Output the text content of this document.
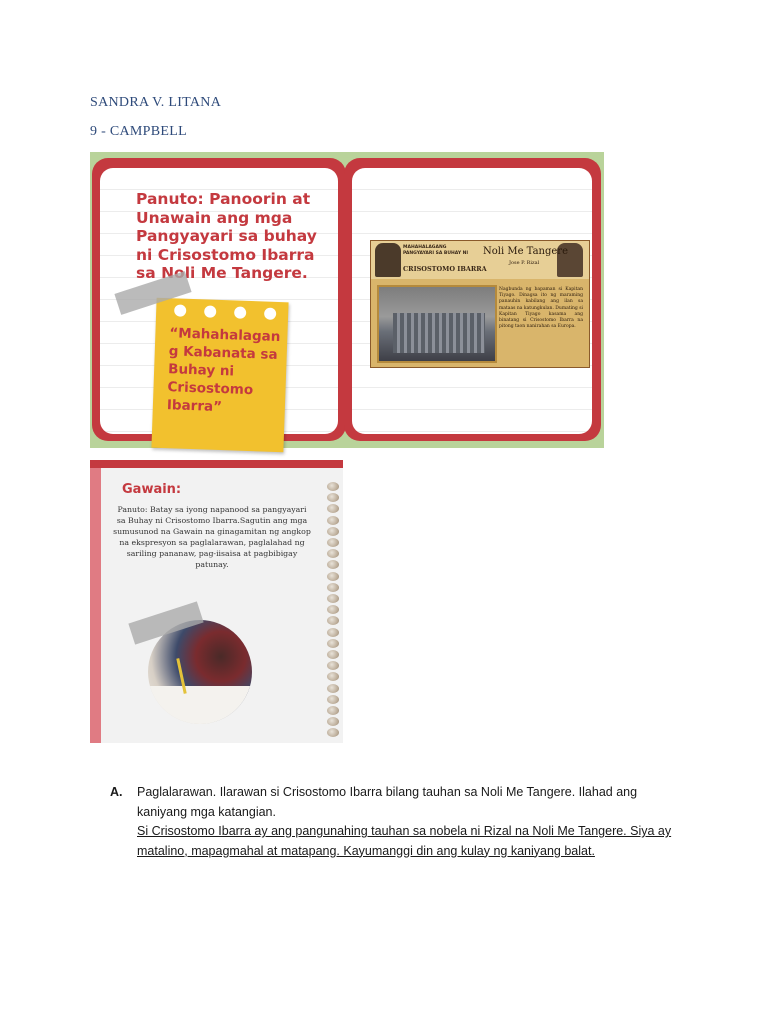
SANDRA V. LITANA
9 - CAMPBELL
Panuto: Panoorin at Unawain ang mga Pangyayari sa buhay ni Crisostomo Ibarra sa Noli Me Tangere.
“Mahahalagan g Kabanata sa Buhay ni Crisostomo Ibarra”
MAHAHALAGANG PANGYAYARI SA BUHAY NI
CRISOSTOMO IBARRA
Noli Me Tangere
Jose P. Rizal
Nagbunda ng bapaman si Kapitan Tiyago. Dinagsa ito ng maraming panauhin kabilang ang ilan sa mataas na katungkulan. Dumating si Kapitan Tiyago kasama ang binatang si Crisostomo Ibarra na pitong taon nanirahan sa Europa.
Gawain:
Panuto: Batay sa iyong napanood sa pangyayari sa Buhay ni Crisostomo Ibarra.Sagutin ang mga sumusunod na Gawain na ginagamitan ng angkop na ekspresyon sa paglalarawan, paglalahad ng sariling pananaw, pag-iisaisa at pagbibigay patunay.
A. Paglalarawan. Ilarawan si Crisostomo Ibarra bilang tauhan sa Noli Me Tangere. Ilahad ang kaniyang mga katangian.
Si Crisostomo Ibarra ay ang pangunahing tauhan sa nobela ni Rizal na Noli Me Tangere. Siya ay matalino, mapagmahal at matapang. Kayumanggi din ang kulay ng kaniyang balat.
